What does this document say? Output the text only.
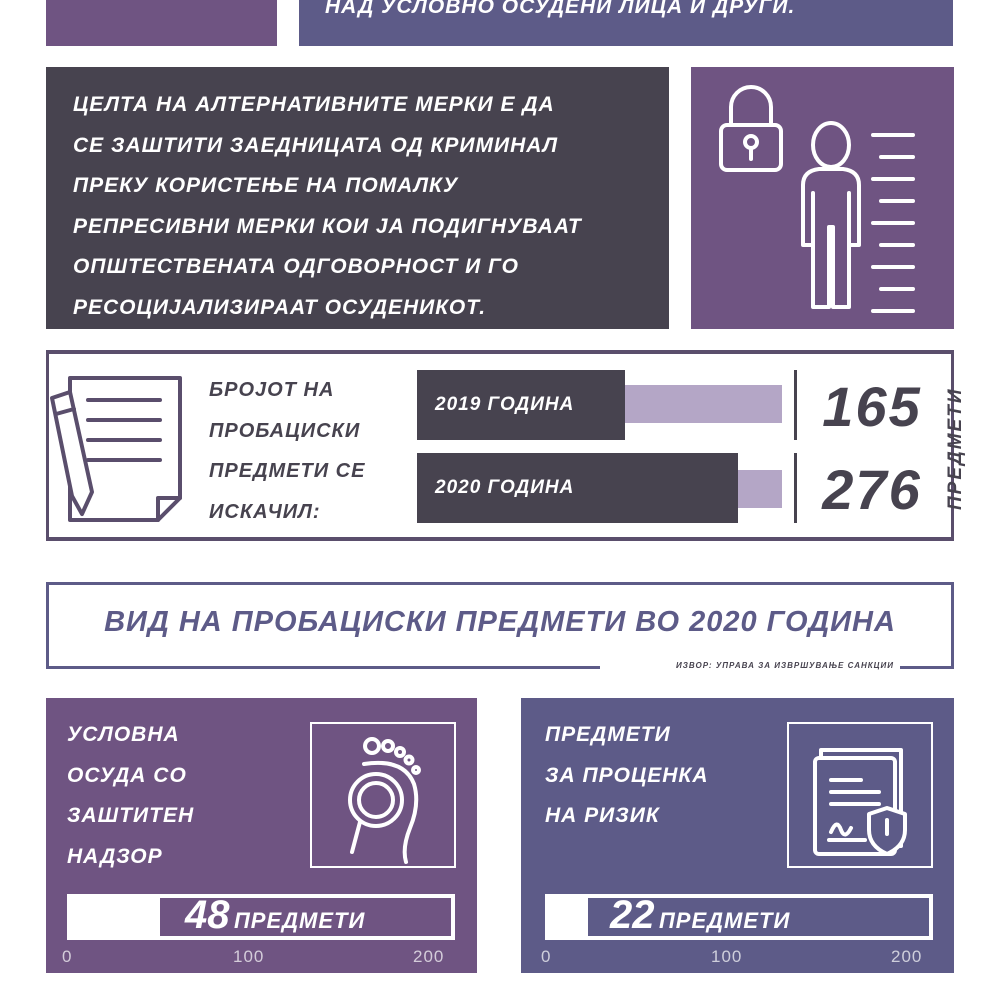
НАД УСЛОВНО ОСУДЕНИ ЛИЦА И ДРУГИ.
ЦЕЛТА НА АЛТЕРНАТИВНИТЕ МЕРКИ Е ДА
СЕ ЗАШТИТИ ЗАЕДНИЦАТА ОД КРИМИНАЛ
ПРЕКУ КОРИСТЕЊЕ НА ПОМАЛКУ
РЕПРЕСИВНИ МЕРКИ КОИ ЈА ПОДИГНУВААТ
ОПШТЕСТВЕНАТА ОДГОВОРНОСТ И ГО
РЕСОЦИЈАЛИЗИРААТ ОСУДЕНИКОТ.
БРОЈОТ НА
ПРОБАЦИСКИ
ПРЕДМЕТИ СЕ
ИСКАЧИЛ:
2019 ГОДИНА	165
2020 ГОДИНА	276	ПРЕДМЕТИ
ВИД НА ПРОБАЦИСКИ ПРЕДМЕТИ ВО 2020 ГОДИНА
ИЗВОР: УПРАВА ЗА ИЗВРШУВАЊЕ САНКЦИИ
УСЛОВНА
ОСУДА СО
ЗАШТИТЕН
НАДЗОР
48 ПРЕДМЕТИ
0	100	200
ПРЕДМЕТИ
ЗА ПРОЦЕНКА
НА РИЗИК
22 ПРЕДМЕТИ
0	100	200
